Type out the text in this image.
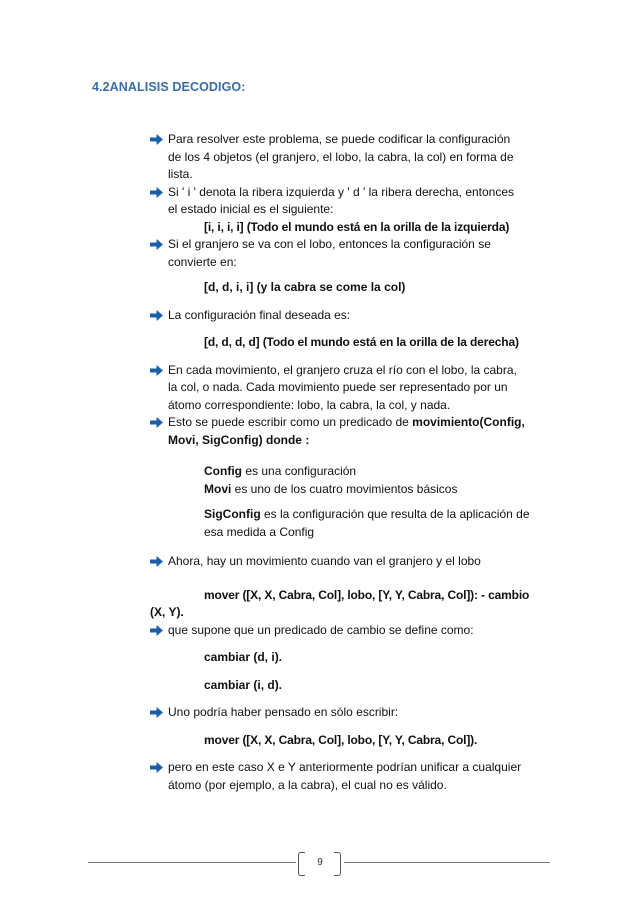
4.2ANALISIS DECODIGO:
Para resolver este problema, se puede codificar la configuración
de los 4 objetos (el granjero, el lobo, la cabra, la col) en forma de
lista.
Si ' i ' denota la ribera izquierda y ' d ' la ribera derecha, entonces
el estado inicial es el siguiente:
[i, i, i, i] (Todo el mundo está en la orilla de la izquierda)
Si el granjero se va con el lobo, entonces la configuración se
convierte en:
[d, d, i, i] (y la cabra se come la col)
La configuración final deseada es:
[d, d, d, d] (Todo el mundo está en la orilla de la derecha)
En cada movimiento, el granjero cruza el río con el lobo, la cabra,
la col, o nada. Cada movimiento puede ser representado por un
átomo correspondiente: lobo, la cabra, la col, y nada.
Esto se puede escribir como un predicado de movimiento(Config,
Movi, SigConfig) donde :
Config es una configuración
Movi es uno de los cuatro movimientos básicos
SigConfig es la configuración que resulta de la aplicación de
esa medida a Config
Ahora, hay un movimiento cuando van el granjero y el lobo
mover ([X, X, Cabra, Col], lobo, [Y, Y, Cabra, Col]): - cambio
(X, Y).
que supone que un predicado de cambio se define como:
cambiar (d, i).
cambiar (i, d).
Uno podría haber pensado en sólo escribir:
mover ([X, X, Cabra, Col], lobo, [Y, Y, Cabra, Col]).
pero en este caso X e Y anteriormente podrían unificar a cualquier
átomo (por ejemplo, a la cabra), el cual no es válido.
9
